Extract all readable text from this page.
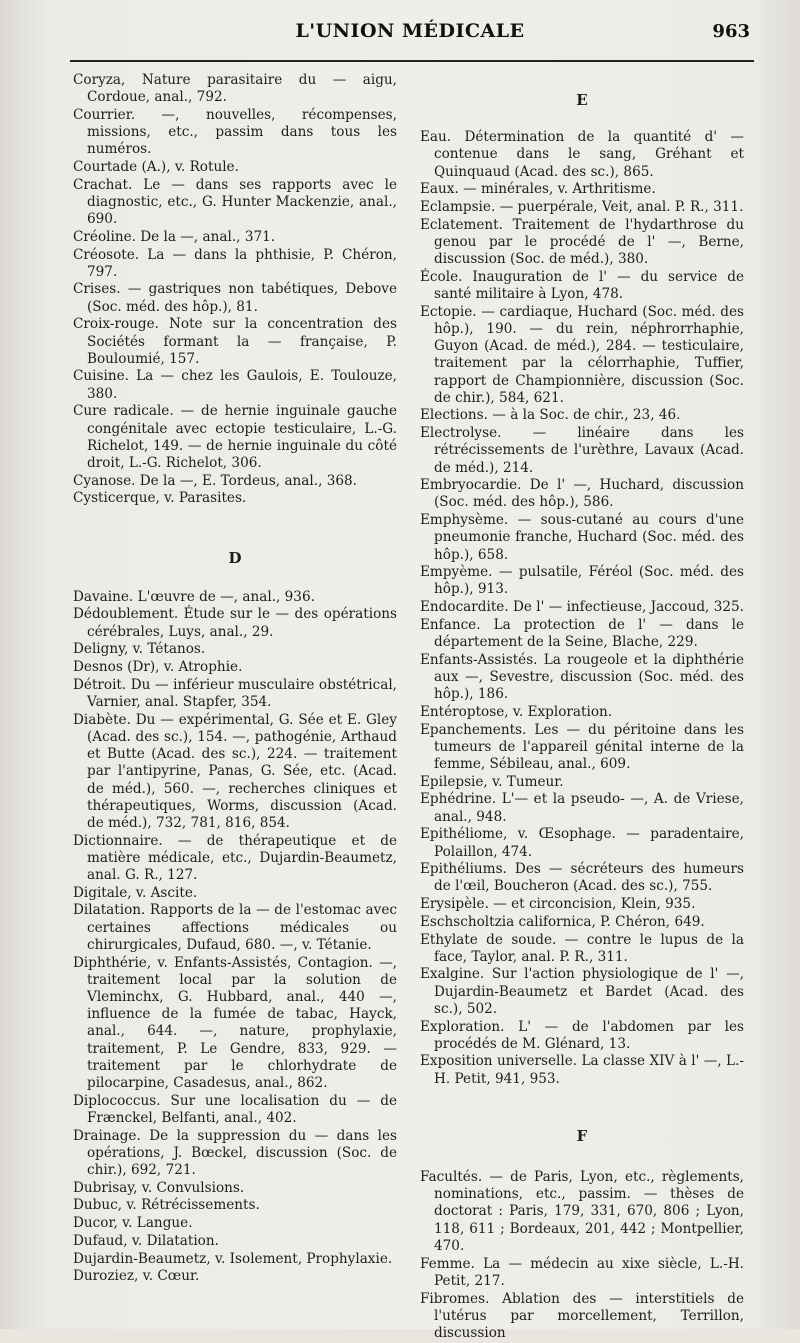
L'UNION MÉDICALE	963

Coryza, Nature parasitaire du — aigu, Cordoue, anal., 792.

Courrier. —, nouvelles, récompenses, missions, etc., passim dans tous les numéros.

Courtade (A.), v. Rotule.

Crachat. Le — dans ses rapports avec le diagnostic, etc., G. Hunter Mackenzie, anal., 690.

Créoline. De la —, anal., 371.

Créosote. La — dans la phthisie, P. Chéron, 797.

Crises. — gastriques non tabétiques, Debove (Soc. méd. des hôp.), 81.

Croix-rouge. Note sur la concentration des Sociétés formant la — française, P. Bouloumié, 157.

Cuisine. La — chez les Gaulois, E. Toulouze, 380.

Cure radicale. — de hernie inguinale gauche congénitale avec ectopie testiculaire, L.-G. Richelot, 149. — de hernie inguinale du côté droit, L.-G. Richelot, 306.

Cyanose. De la —, E. Tordeus, anal., 368.

Cysticerque, v. Parasites.

D

Davaine. L'œuvre de —, anal., 936.

Dédoublement. Étude sur le — des opérations cérébrales, Luys, anal., 29.

Deligny, v. Tétanos.

Desnos (Dr), v. Atrophie.

Détroit. Du — inférieur musculaire obstétrical, Varnier, anal. Stapfer, 354.

Diabète. Du — expérimental, G. Sée et E. Gley (Acad. des sc.), 154. —, pathogénie, Arthaud et Butte (Acad. des sc.), 224. — traitement par l'antipyrine, Panas, G. Sée, etc. (Acad. de méd.), 560. —, recherches cliniques et thérapeutiques, Worms, discussion (Acad. de méd.), 732, 781, 816, 854.

Dictionnaire. — de thérapeutique et de matière médicale, etc., Dujardin-Beaumetz, anal. G. R., 127.

Digitale, v. Ascite.

Dilatation. Rapports de la — de l'estomac avec certaines affections médicales ou chirurgicales, Dufaud, 680. —, v. Tétanie.

Diphthérie, v. Enfants-Assistés, Contagion. —, traitement local par la solution de Vleminchx, G. Hubbard, anal., 440 —, influence de la fumée de tabac, Hayck, anal., 644. —, nature, prophylaxie, traitement, P. Le Gendre, 833, 929. — traitement par le chlorhydrate de pilocarpine, Casadesus, anal., 862.

Diplococcus. Sur une localisation du — de Frænckel, Belfanti, anal., 402.

Drainage. De la suppression du — dans les opérations, J. Bœckel, discussion (Soc. de chir.), 692, 721.

Dubrisay, v. Convulsions.

Dubuc, v. Rétrécissements.

Ducor, v. Langue.

Dufaud, v. Dilatation.

Dujardin-Beaumetz, v. Isolement, Prophylaxie.

Duroziez, v. Cœur.

E

Eau. Détermination de la quantité d' — contenue dans le sang, Gréhant et Quinquaud (Acad. des sc.), 865.

Eaux. — minérales, v. Arthritisme.

Eclampsie. — puerpérale, Veit, anal. P. R., 311.

Eclatement. Traitement de l'hydarthrose du genou par le procédé de l' —, Berne, discussion (Soc. de méd.), 380.

École. Inauguration de l' — du service de santé militaire à Lyon, 478.

Ectopie. — cardiaque, Huchard (Soc. méd. des hôp.), 190. — du rein, néphrorrhaphie, Guyon (Acad. de méd.), 284. — testiculaire, traitement par la célorrhaphie, Tuffier, rapport de Championnière, discussion (Soc. de chir.), 584, 621.

Elections. — à la Soc. de chir., 23, 46.

Electrolyse. — linéaire dans les rétrécissements de l'urèthre, Lavaux (Acad. de méd.), 214.

Embryocardie. De l' —, Huchard, discussion (Soc. méd. des hôp.), 586.

Emphysème. — sous-cutané au cours d'une pneumonie franche, Huchard (Soc. méd. des hôp.), 658.

Empyème. — pulsatile, Féréol (Soc. méd. des hôp.), 913.

Endocardite. De l' — infectieuse, Jaccoud, 325.

Enfance. La protection de l' — dans le département de la Seine, Blache, 229.

Enfants-Assistés. La rougeole et la diphthérie aux —, Sevestre, discussion (Soc. méd. des hôp.), 186.

Entéroptose, v. Exploration.

Epanchements. Les — du péritoine dans les tumeurs de l'appareil génital interne de la femme, Sébileau, anal., 609.

Epilepsie, v. Tumeur.

Ephédrine. L'— et la pseudo- —, A. de Vriese, anal., 948.

Epithéliome, v. Œsophage. — paradentaire, Polaillon, 474.

Epithéliums. Des — sécréteurs des humeurs de l'œil, Boucheron (Acad. des sc.), 755.

Erysipèle. — et circoncision, Klein, 935.

Eschscholtzia californica, P. Chéron, 649.

Ethylate de soude. — contre le lupus de la face, Taylor, anal. P. R., 311.

Exalgine. Sur l'action physiologique de l' —, Dujardin-Beaumetz et Bardet (Acad. des sc.), 502.

Exploration. L' — de l'abdomen par les procédés de M. Glénard, 13.

Exposition universelle. La classe XIV à l' —, L.-H. Petit, 941, 953.

F

Facultés. — de Paris, Lyon, etc., règlements, nominations, etc., passim. — thèses de doctorat : Paris, 179, 331, 670, 806 ; Lyon, 118, 611 ; Bordeaux, 201, 442 ; Montpellier, 470.

Femme. La — médecin au xixe siècle, L.-H. Petit, 217.

Fibromes. Ablation des — interstitiels de l'utérus par morcellement, Terrillon, discussion
